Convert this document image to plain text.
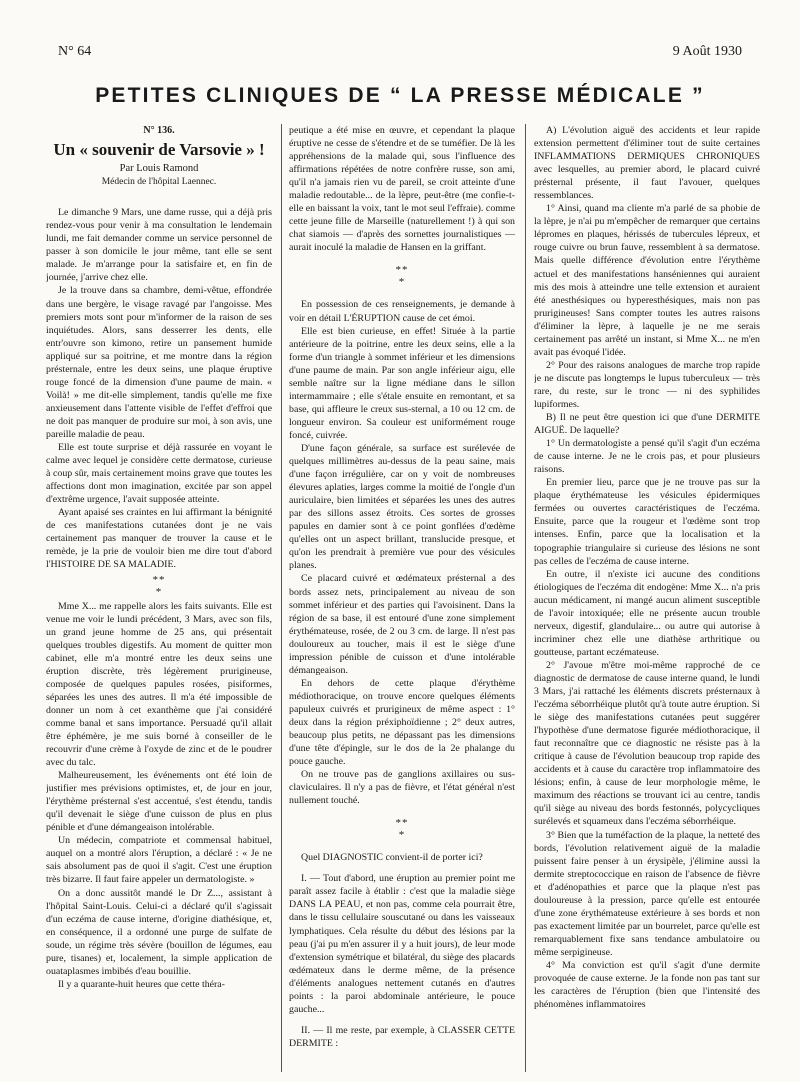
N° 64	9 Août 1930
PETITES CLINIQUES DE “ LA PRESSE MÉDICALE ”
N° 136.
Un « souvenir de Varsovie » !
Par Louis Ramond
Médecin de l'hôpital Laennec.

Le dimanche 9 Mars, une dame russe, qui a déjà pris rendez-vous pour venir à ma consultation le lendemain lundi, me fait demander comme un service personnel de passer à son domicile le jour même, tant elle se sent malade. Je m'arrange pour la satisfaire et, en fin de journée, j'arrive chez elle.

Je la trouve dans sa chambre, demi-vêtue, effondrée dans une bergère, le visage ravagé par l'angoisse. Mes premiers mots sont pour m'informer de la raison de ses inquiétudes. Alors, sans desserrer les dents, elle entr'ouvre son kimono, retire un pansement humide appliqué sur sa poitrine, et me montre dans la région présternale, entre les deux seins, une plaque éruptive rouge foncé de la dimension d'une paume de main. « Voilà! » me dit-elle simplement, tandis qu'elle me fixe anxieusement dans l'attente visible de l'effet d'effroi que ne doit pas manquer de produire sur moi, à son avis, une pareille maladie de peau.

Elle est toute surprise et déjà rassurée en voyant le calme avec lequel je considère cette dermatose, curieuse à coup sûr, mais certainement moins grave que toutes les affections dont mon imagination, excitée par son appel d'extrême urgence, l'avait supposée atteinte.

Ayant apaisé ses craintes en lui affirmant la bénignité de ces manifestations cutanées dont je ne vais certainement pas manquer de trouver la cause et le remède, je la prie de vouloir bien me dire tout d'abord l'HISTOIRE DE SA MALADIE.

**
*

Mme X... me rappelle alors les faits suivants. Elle est venue me voir le lundi précédent, 3 Mars, avec son fils, un grand jeune homme de 25 ans, qui présentait quelques troubles digestifs. Au moment de quitter mon cabinet, elle m'a montré entre les deux seins une éruption discrète, très légèrement prurigineuse, composée de quelques papules rosées, pisiformes, séparées les unes des autres. Il m'a été impossible de donner un nom à cet exanthème que j'ai considéré comme banal et sans importance. Persuadé qu'il allait être éphémère, je me suis borné à conseiller de le recouvrir d'une crème à l'oxyde de zinc et de le poudrer avec du talc.

Malheureusement, les événements ont été loin de justifier mes prévisions optimistes, et, de jour en jour, l'érythème présternal s'est accentué, s'est étendu, tandis qu'il devenait le siège d'une cuisson de plus en plus pénible et d'une démangeaison intolérable.

Un médecin, compatriote et commensal habituel, auquel on a montré alors l'éruption, a déclaré : « Je ne sais absolument pas de quoi il s'agit. C'est une éruption très bizarre. Il faut faire appeler un dermatologiste. »

On a donc aussitôt mandé le Dr Z..., assistant à l'hôpital Saint-Louis. Celui-ci a déclaré qu'il s'agissait d'un eczéma de cause interne, d'origine diathésique, et, en conséquence, il a ordonné une purge de sulfate de soude, un régime très sévère (bouillon de légumes, eau pure, tisanes) et, localement, la simple application de ouataplasmes imbibés d'eau bouillie.

Il y a quarante-huit heures que cette théra-

peutique a été mise en œuvre, et cependant la plaque éruptive ne cesse de s'étendre et de se tuméfier. De là les appréhensions de la malade qui, sous l'influence des affirmations répétées de notre confrère russe, son ami, qu'il n'a jamais rien vu de pareil, se croit atteinte d'une maladie redoutable... de la lèpre, peut-être (me confie-t-elle en baissant la voix, tant le mot seul l'effraie). comme cette jeune fille de Marseille (naturellement !) à qui son chat siamois — d'après des sornettes journalistiques — aurait inoculé la maladie de Hansen en la griffant.

**
*

En possession de ces renseignements, je demande à voir en détail L'ÉRUPTION cause de cet émoi.

Elle est bien curieuse, en effet! Située à la partie antérieure de la poitrine, entre les deux seins, elle a la forme d'un triangle à sommet inférieur et les dimensions d'une paume de main. Par son angle inférieur aigu, elle semble naître sur la ligne médiane dans le sillon intermammaire ; elle s'étale ensuite en remontant, et sa base, qui affleure le creux sus-sternal, a 10 ou 12 cm. de longueur environ. Sa couleur est uniformément rouge foncé, cuivrée.

D'une façon générale, sa surface est surélevée de quelques millimètres au-dessus de la peau saine, mais d'une façon irrégulière, car on y voit de nombreuses élevures aplaties, larges comme la moitié de l'ongle d'un auriculaire, bien limitées et séparées les unes des autres par des sillons assez étroits. Ces sortes de grosses papules en damier sont à ce point gonflées d'œdème qu'elles ont un aspect brillant, translucide presque, et qu'on les prendrait à première vue pour des vésicules planes.

Ce placard cuivré et œdémateux présternal a des bords assez nets, principalement au niveau de son sommet inférieur et des parties qui l'avoisinent. Dans la région de sa base, il est entouré d'une zone simplement érythémateuse, rosée, de 2 ou 3 cm. de large. Il n'est pas douloureux au toucher, mais il est le siège d'une impression pénible de cuisson et d'une intolérable démangeaison.

En dehors de cette plaque d'érythème médiothoracique, on trouve encore quelques éléments papuleux cuivrés et prurigineux de même aspect : 1° deux dans la région préxiphoïdienne ; 2° deux autres, beaucoup plus petits, ne dépassant pas les dimensions d'une tête d'épingle, sur le dos de la 2e phalange du pouce gauche.

On ne trouve pas de ganglions axillaires ou sus-claviculaires. Il n'y a pas de fièvre, et l'état général n'est nullement touché.

**
*

Quel DIAGNOSTIC convient-il de porter ici?

I. — Tout d'abord, une éruption au premier point me paraît assez facile à établir : c'est que la maladie siège DANS LA PEAU, et non pas, comme cela pourrait être, dans le tissu cellulaire souscutané ou dans les vaisseaux lymphatiques. Cela résulte du début des lésions par la peau (j'ai pu m'en assurer il y a huit jours), de leur mode d'extension symétrique et bilatéral, du siège des placards œdémateux dans le derme même, de la présence d'éléments analogues nettement cutanés en d'autres points : la paroi abdominale antérieure, le pouce gauche...

II. — Il me reste, par exemple, à CLASSER CETTE DERMITE :

A) L'évolution aiguë des accidents et leur rapide extension permettent d'éliminer tout de suite certaines INFLAMMATIONS DERMIQUES CHRONIQUES avec lesquelles, au premier abord, le placard cuivré présternal présente, il faut l'avouer, quelques ressemblances.

1° Ainsi, quand ma cliente m'a parlé de sa phobie de la lèpre, je n'ai pu m'empêcher de remarquer que certains lépromes en plaques, hérissés de tubercules lépreux, et rouge cuivre ou brun fauve, ressemblent à sa dermatose. Mais quelle différence d'évolution entre l'érythème actuel et des manifestations hanséniennes qui auraient mis des mois à atteindre une telle extension et auraient été anesthésiques ou hyperesthésiques, mais non pas prurigineuses! Sans compter toutes les autres raisons d'éliminer la lèpre, à laquelle je ne me serais certainement pas arrêté un instant, si Mme X... ne m'en avait pas évoqué l'idée.

2° Pour des raisons analogues de marche trop rapide je ne discute pas longtemps le lupus tuberculeux — très rare, du reste, sur le tronc — ni des syphilides lupiformes.

B) Il ne peut être question ici que d'une DERMITE AIGUË. De laquelle?

1° Un dermatologiste a pensé qu'il s'agit d'un eczéma de cause interne. Je ne le crois pas, et pour plusieurs raisons.

En premier lieu, parce que je ne trouve pas sur la plaque érythémateuse les vésicules épidermiques fermées ou ouvertes caractéristiques de l'eczéma. Ensuite, parce que la rougeur et l'œdème sont trop intenses. Enfin, parce que la localisation et la topographie triangulaire si curieuse des lésions ne sont pas celles de l'eczéma de cause interne.

En outre, il n'existe ici aucune des conditions étiologiques de l'eczéma dit endogène: Mme X... n'a pris aucun médicament, ni mangé aucun aliment susceptible de l'avoir intoxiquée; elle ne présente aucun trouble nerveux, digestif, glandulaire... ou autre qui autorise à incriminer chez elle une diathèse arthritique ou goutteuse, partant eczémateuse.

2° J'avoue m'être moi-même rapproché de ce diagnostic de dermatose de cause interne quand, le lundi 3 Mars, j'ai rattaché les éléments discrets présternaux à l'eczéma séborrhéique plutôt qu'à toute autre éruption. Si le siège des manifestations cutanées peut suggérer l'hypothèse d'une dermatose figurée médiothoracique, il faut reconnaître que ce diagnostic ne résiste pas à la critique à cause de l'évolution beaucoup trop rapide des accidents et à cause du caractère trop inflammatoire des lésions; enfin, à cause de leur morphologie même, le maximum des réactions se trouvant ici au centre, tandis qu'il siège au niveau des bords festonnés, polycycliques surélevés et squameux dans l'eczéma séborrhéique.

3° Bien que la tuméfaction de la plaque, la netteté des bords, l'évolution relativement aiguë de la maladie puissent faire penser à un érysipèle, j'élimine aussi la dermite streptococcique en raison de l'absence de fièvre et d'adénopathies et parce que la plaque n'est pas douloureuse à la pression, parce qu'elle est entourée d'une zone érythémateuse extérieure à ses bords et non pas exactement limitée par un bourrelet, parce qu'elle est remarquablement fixe sans tendance ambulatoire ou même serpigineuse.

4° Ma conviction est qu'il s'agit d'une dermite provoquée de cause externe. Je la fonde non pas tant sur les caractères de l'éruption (bien que l'intensité des phénomènes inflammatoires
